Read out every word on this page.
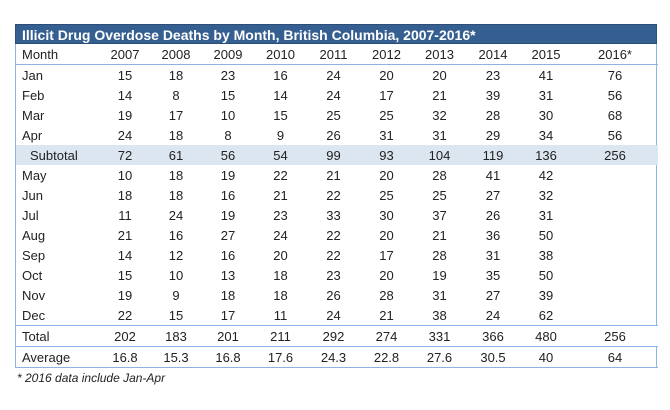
Illicit Drug Overdose Deaths by Month, British Columbia, 2007-2016*
Month	2007	2008	2009	2010	2011	2012	2013	2014	2015	2016*
Jan	15	18	23	16	24	20	20	23	41	76
Feb	14	8	15	14	24	17	21	39	31	56
Mar	19	17	10	15	25	25	32	28	30	68
Apr	24	18	8	9	26	31	31	29	34	56
Subtotal	72	61	56	54	99	93	104	119	136	256
May	10	18	19	22	21	20	28	41	42	
Jun	18	18	16	21	22	25	25	27	32	
Jul	11	24	19	23	33	30	37	26	31	
Aug	21	16	27	24	22	20	21	36	50	
Sep	14	12	16	20	22	17	28	31	38	
Oct	15	10	13	18	23	20	19	35	50	
Nov	19	9	18	18	26	28	31	27	39	
Dec	22	15	17	11	24	21	38	24	62	
Total	202	183	201	211	292	274	331	366	480	256
Average	16.8	15.3	16.8	17.6	24.3	22.8	27.6	30.5	40	64
* 2016 data include Jan-Apr
